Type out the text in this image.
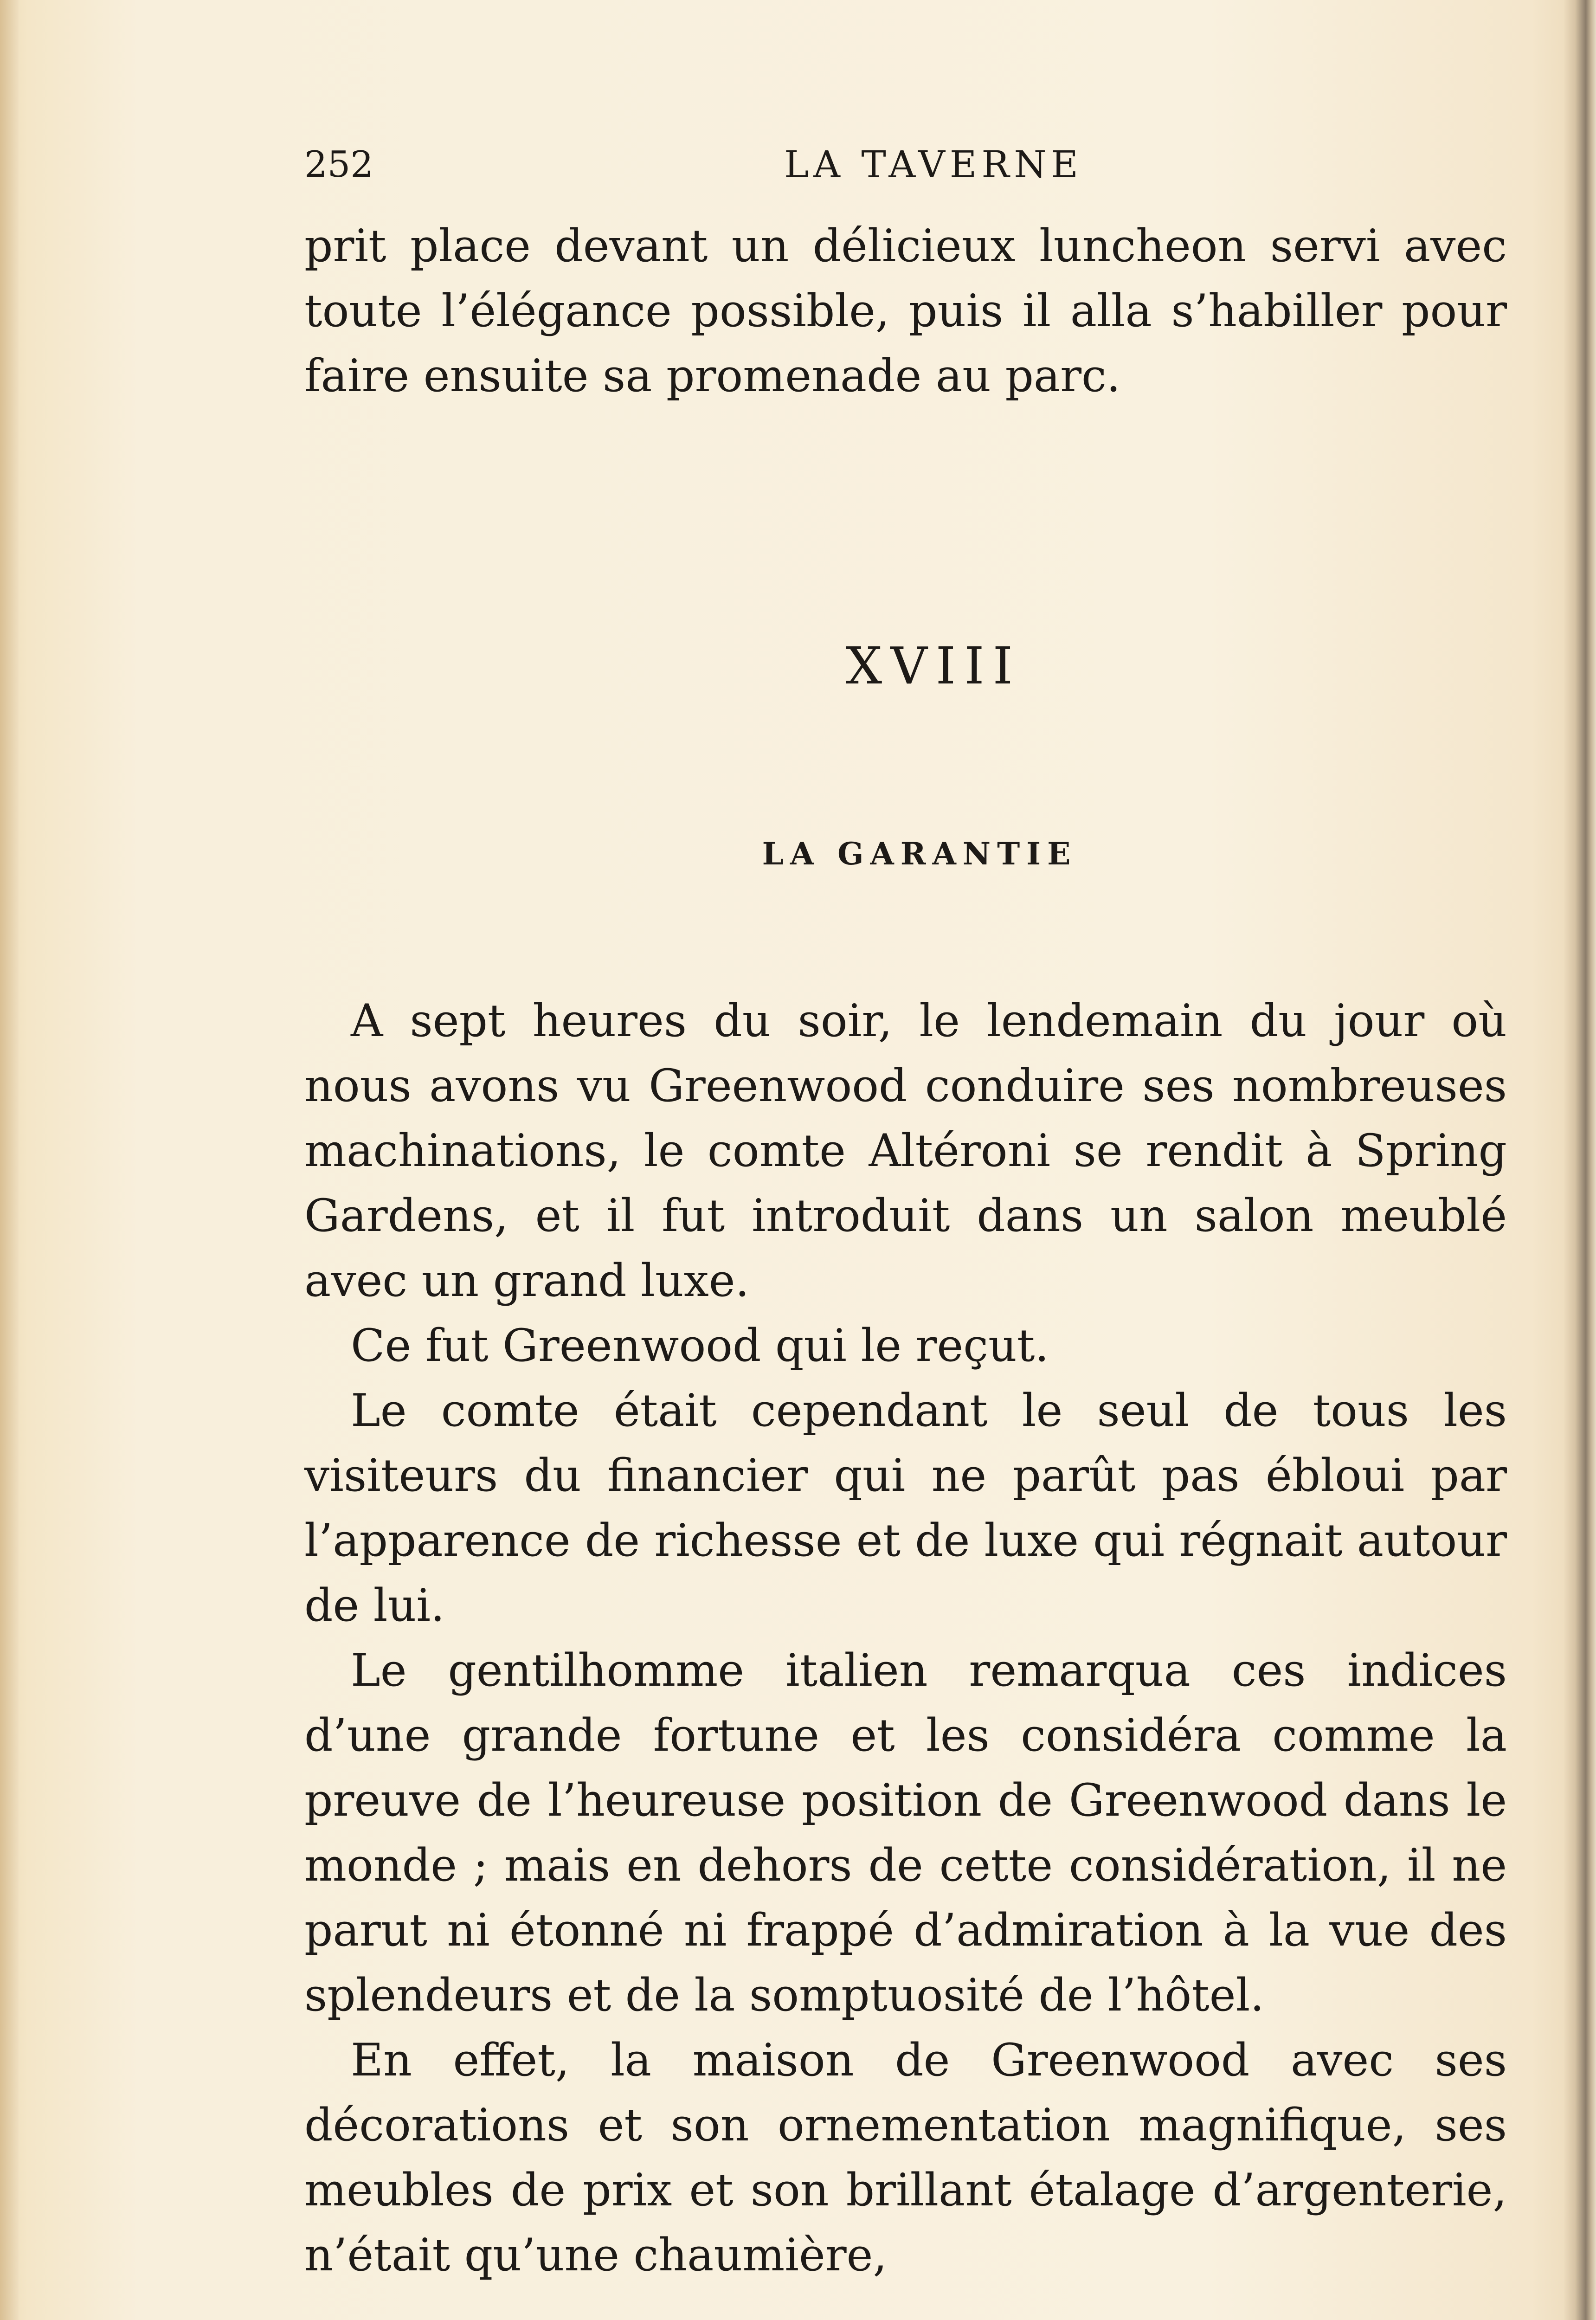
252	LA TAVERNE

prit place devant un délicieux luncheon servi avec toute l’élégance possible, puis il alla s’habiller pour faire ensuite sa promenade au parc.

XVIII
LA GARANTIE

A sept heures du soir, le lendemain du jour où nous avons vu Greenwood conduire ses nombreuses machinations, le comte Altéroni se rendit à Spring Gardens, et il fut introduit dans un salon meublé avec un grand luxe.

Ce fut Greenwood qui le reçut.

Le comte était cependant le seul de tous les visiteurs du financier qui ne parût pas ébloui par l’apparence de richesse et de luxe qui régnait autour de lui.

Le gentilhomme italien remarqua ces indices d’une grande fortune et les considéra comme la preuve de l’heureuse position de Greenwood dans le monde ; mais en dehors de cette considération, il ne parut ni étonné ni frappé d’admiration à la vue des splendeurs et de la somptuosité de l’hôtel.

En effet, la maison de Greenwood avec ses décorations et son ornementation magnifique, ses meubles de prix et son brillant étalage d’argenterie, n’était qu’une chaumière,
